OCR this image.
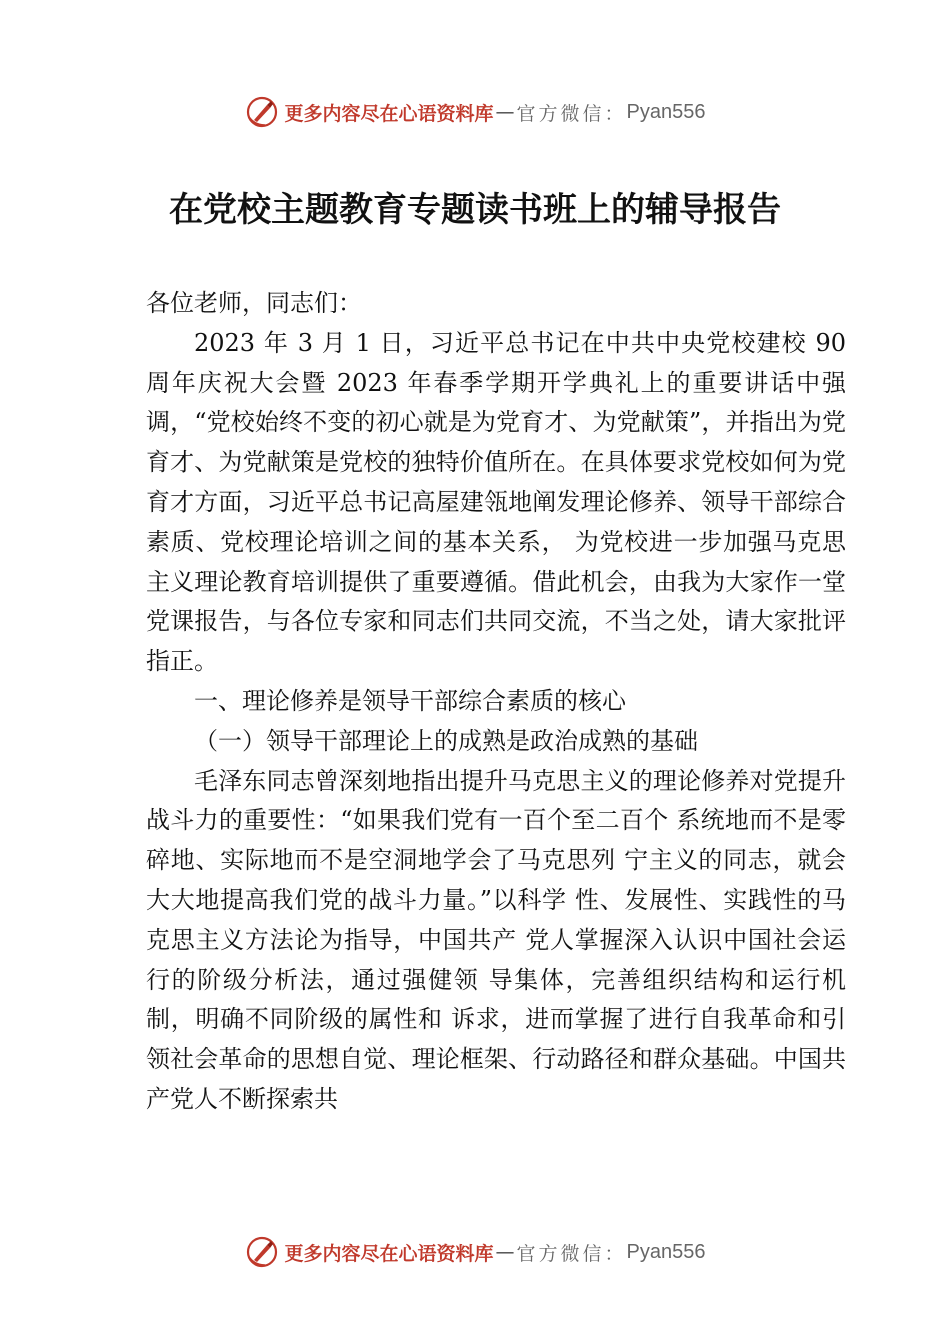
更多内容尽在心语资料库 — 官方微信： Pyan556
在党校主题教育专题读书班上的辅导报告

各位老师，同志们：

2023 年 3 月 1 日，习近平总书记在中共中央党校建校 90 周年庆祝大会暨 2023 年春季学期开学典礼上的重要讲话中强调，“党校始终不变的初心就是为党育才、为党献策”，并指出为党育才、为党献策是党校的独特价值所在。在具体要求党校如何为党育才方面，习近平总书记高屋建瓴地阐发理论修养、领导干部综合素质、党校理论培训之间的基本关系， 为党校进一步加强马克思主义理论教育培训提供了重要遵循。借此机会，由我为大家作一堂党课报告，与各位专家和同志们共同交流，不当之处，请大家批评指正。

一、理论修养是领导干部综合素质的核心

（一）领导干部理论上的成熟是政治成熟的基础

毛泽东同志曾深刻地指出提升马克思主义的理论修养对党提升战斗力的重要性：“如果我们党有一百个至二百个 系统地而不是零碎地、实际地而不是空洞地学会了马克思列 宁主义的同志，就会大大地提高我们党的战斗力量。”以科学 性、发展性、实践性的马克思主义方法论为指导，中国共产 党人掌握深入认识中国社会运行的阶级分析法，通过强健领 导集体，完善组织结构和运行机制，明确不同阶级的属性和 诉求，进而掌握了进行自我革命和引领社会革命的思想自觉、理论框架、行动路径和群众基础。中国共产党人不断探索共

更多内容尽在心语资料库 — 官方微信： Pyan556
